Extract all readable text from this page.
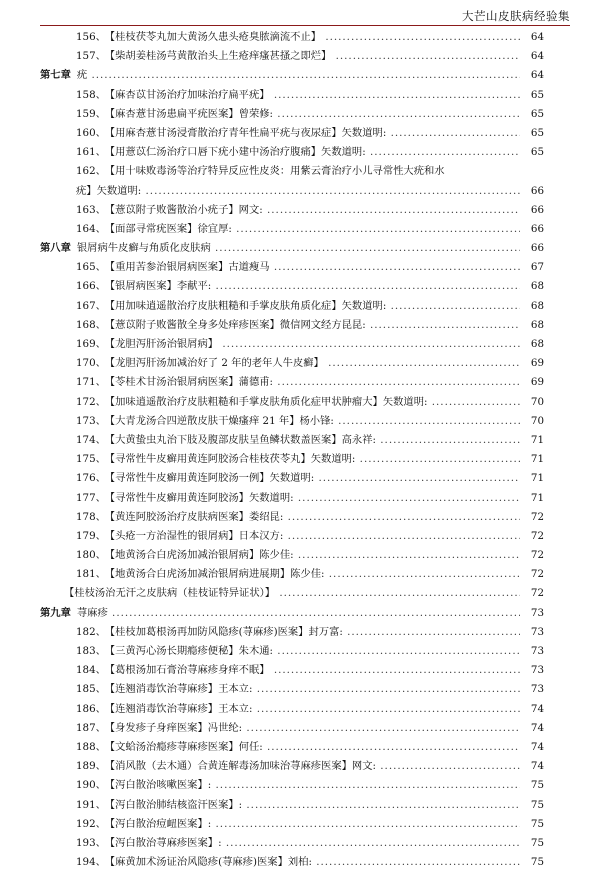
大芒山皮肤病经验集
156、 【桂枝茯苓丸加大黄汤久患头疮臭脓滴流不止】 .....	64
157、 【柴胡姜桂汤芎黄散治头上生疮痒瘙甚搔之即烂】 .....	64
第七章 疣 .....	64
158、 【麻杏苡甘汤治疗加味治疗扁平疣】 .....	65
159、 【麻杏薏甘汤患扁平疣医案】曾荣修: .....	65
160、 【用麻杏薏甘汤浸膏散治疗青年性扁平疣与夜尿症】矢数道明: .....	65
161、 【用薏苡仁汤治疗口唇下疣小建中汤治疗腹痛】矢数道明: .....	65
162、 【用十味败毒汤等治疗特异反应性皮炎：用紫云膏治疗小儿寻常性大疣和水
疣】矢数道明: .....	66
163、 【薏苡附子败酱散治小疣子】网文: .....	66
164、 【面部寻常疣医案】徐宜厚: .....	66
第八章 银屑病牛皮癣与角质化皮肤病 .....	66
165、 【重用苦参治银屑病医案】古道瘦马 .....	67
166、 【银屑病医案】李献平: .....	68
167、 【用加味逍遥散治疗皮肤粗糙和手掌皮肤角质化症】矢数道明: .....	68
168、 【薏苡附子败酱散全身多处痒疹医案】微信网文经方昆昆: .....	68
169、 【龙胆泻肝汤治银屑病】 .....	68
170、 【龙胆泻肝汤加减治好了 2 年的老年人牛皮癣】 .....	69
171、 【苓桂术甘汤治银屑病医案】蒲德甫: .....	69
172、 【加味逍遥散治疗皮肤粗糙和手掌皮肤角质化症甲状肿瘤大】矢数道明: .....	70
173、 【大青龙汤合四逆散皮肤干燥瘙痒 21 年】杨小锋: .....	70
174、 【大黄蛰虫丸治下肢及腹部皮肤呈鱼鳞状数盖医案】高永祥: .....	71
175、 【寻常性牛皮癣用黄连阿胶汤合桂枝茯苓丸】矢数道明: .....	71
176、 【寻常性牛皮癣用黄连阿胶汤一例】矢数道明: .....	71
177、 【寻常性牛皮癣用黄连阿胶汤】矢数道明: .....	71
178、 【黄连阿胶汤治疗皮肤病医案】娄绍昆: .....	72
179、 【头疮一方治湿性的银屑病】日本汉方: .....	72
180、 【地黄汤合白虎汤加减治银屑病】陈少佳: .....	72
181、 【地黄汤合白虎汤加减治银屑病进展期】陈少佳: .....	72
【桂枝汤治无汗之皮肤病（桂枝证特异证状）】 .....	72
第九章 荨麻疹 .....	73
182、 【桂枝加葛根汤再加防风隐疹(荨麻疹)医案】封万富: .....	73
183、 【三黄泻心汤长期瘾疹便秘】朱木通: .....	73
184、 【葛根汤加石膏治荨麻疹身痒不眠】 .....	73
185、 【连翘消毒饮治荨麻疹】王本立: .....	73
186、 【连翘消毒饮治荨麻疹】王本立: .....	74
187、 【身发疹子身痒医案】冯世纶: .....	74
188、 【文蛤汤治瘾疹荨麻疹医案】何任: .....	74
189、 【消风散（去木通）合黄连解毒汤加味治荨麻疹医案】网文: .....	74
190、 【泻白散治咳嗽医案】: .....	75
191、 【泻白散治肺结核盗汗医案】: .....	75
192、 【泻白散治痘衄医案】: .....	75
193、 【泻白散治荨麻疹医案】: .....	75
194、 【麻黄加术汤证治风隐疹(荨麻疹)医案】刘柏: .....	75
